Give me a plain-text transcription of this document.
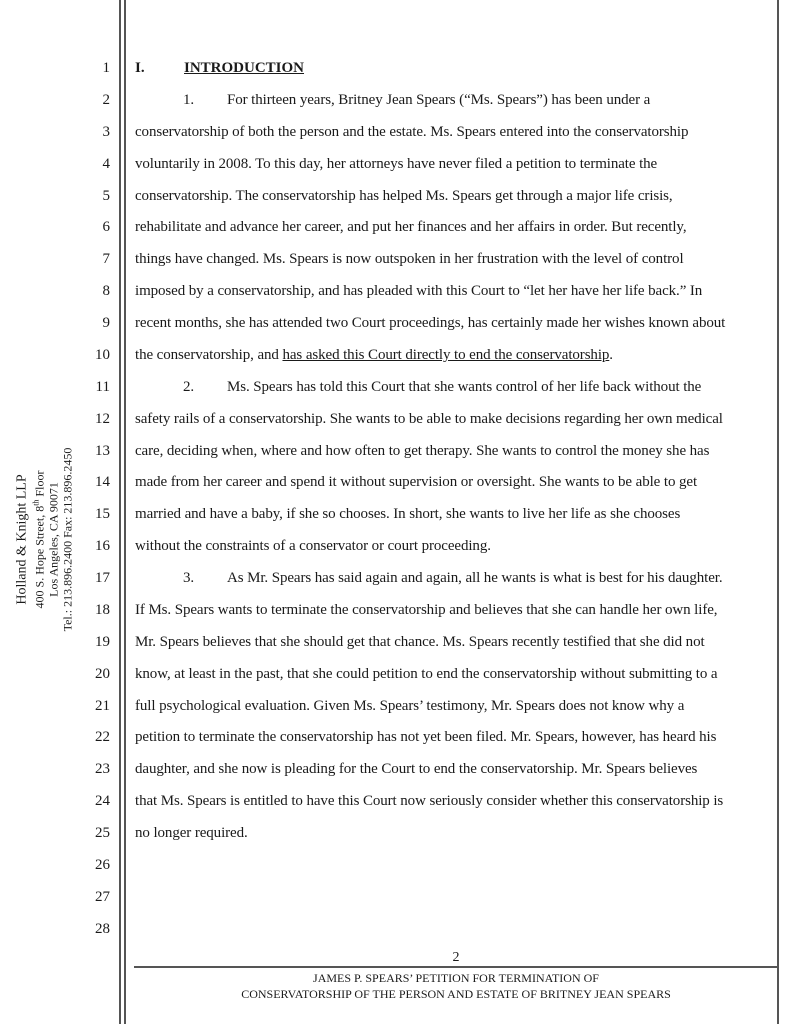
Holland & Knight LLP 400 S. Hope Street, 8th Floor Los Angeles, CA 90071 Tel.: 213.896.2400 Fax: 213.896.2450
1
2
3
4
5
6
7
8
9
10
11
12
13
14
15
16
17
18
19
20
21
22
23
24
25
26
27
28
I.	INTRODUCTION
1. For thirteen years, Britney Jean Spears (“Ms. Spears”) has been under a
conservatorship of both the person and the estate. Ms. Spears entered into the conservatorship
voluntarily in 2008. To this day, her attorneys have never filed a petition to terminate the
conservatorship. The conservatorship has helped Ms. Spears get through a major life crisis,
rehabilitate and advance her career, and put her finances and her affairs in order. But recently,
things have changed. Ms. Spears is now outspoken in her frustration with the level of control
imposed by a conservatorship, and has pleaded with this Court to “let her have her life back.” In
recent months, she has attended two Court proceedings, has certainly made her wishes known about
the conservatorship, and has asked this Court directly to end the conservatorship.
2. Ms. Spears has told this Court that she wants control of her life back without the
safety rails of a conservatorship. She wants to be able to make decisions regarding her own medical
care, deciding when, where and how often to get therapy. She wants to control the money she has
made from her career and spend it without supervision or oversight. She wants to be able to get
married and have a baby, if she so chooses. In short, she wants to live her life as she chooses
without the constraints of a conservator or court proceeding.
3. As Mr. Spears has said again and again, all he wants is what is best for his daughter.
If Ms. Spears wants to terminate the conservatorship and believes that she can handle her own life,
Mr. Spears believes that she should get that chance. Ms. Spears recently testified that she did not
know, at least in the past, that she could petition to end the conservatorship without submitting to a
full psychological evaluation. Given Ms. Spears’ testimony, Mr. Spears does not know why a
petition to terminate the conservatorship has not yet been filed. Mr. Spears, however, has heard his
daughter, and she now is pleading for the Court to end the conservatorship. Mr. Spears believes
that Ms. Spears is entitled to have this Court now seriously consider whether this conservatorship is
no longer required.
2
JAMES P. SPEARS’ PETITION FOR TERMINATION OF
CONSERVATORSHIP OF THE PERSON AND ESTATE OF BRITNEY JEAN SPEARS
